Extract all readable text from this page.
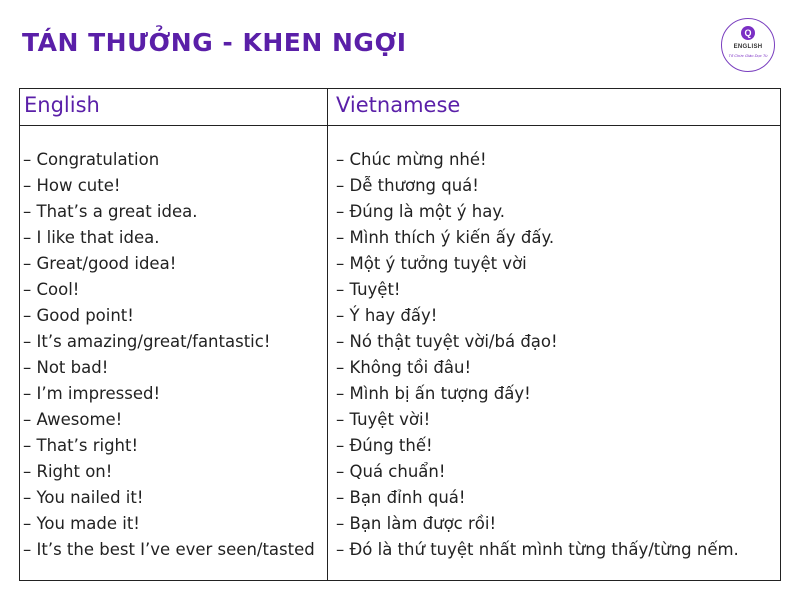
TÁN THƯỞNG - KHEN NGỢI	Q
ENGLISH
Tổ Chức Giáo Dục Tú
English	Vietnamese
– Congratulation
– How cute!
– That’s a great idea.
– I like that idea.
– Great/good idea!
– Cool!
– Good point!
– It’s amazing/great/fantastic!
– Not bad!
– I’m impressed!
– Awesome!
– That’s right!
– Right on!
– You nailed it!
– You made it!
– It’s the best I’ve ever seen/tasted
– Chúc mừng nhé!
– Dễ thương quá!
– Đúng là một ý hay.
– Mình thích ý kiến ấy đấy.
– Một ý tưởng tuyệt vời
– Tuyệt!
– Ý hay đấy!
– Nó thật tuyệt vời/bá đạo!
– Không tồi đâu!
– Mình bị ấn tượng đấy!
– Tuyệt vời!
– Đúng thế!
– Quá chuẩn!
– Bạn đỉnh quá!
– Bạn làm được rồi!
– Đó là thứ tuyệt nhất mình từng thấy/từng nếm.
